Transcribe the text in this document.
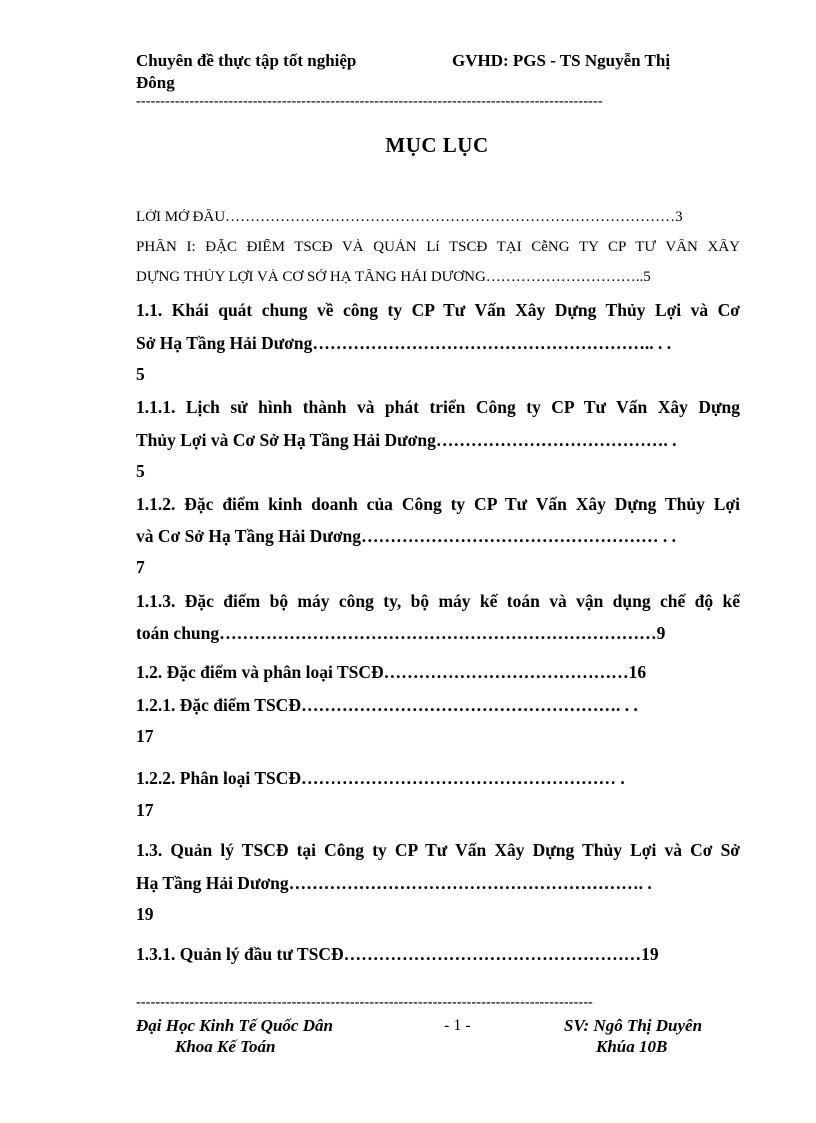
Chuyên đề thực tập tốt nghiệp	GVHD: PGS - TS Nguyễn Thị
Đông
------------------------------------------------------------------------------------------------
MỤC LỤC
LỜI MỞ ĐẦU………………………………………………………………………………3
PHẦN I: ĐẶC ĐIỂM TSCĐ VÀ QUẢN Lí TSCĐ TẠI CễNG TY CP TƯ VẤN XÂY
DỰNG THỦY LỢI VÀ CƠ SỞ HẠ TẦNG HẢI DƯƠNG…………………………..5
1.1. Khái quát chung về công ty CP Tư Vấn Xây Dựng Thủy Lợi và Cơ
Sở Hạ Tầng Hải Dương………………………………………………….. . .
5
1.1.1. Lịch sử hình thành và phát triển Công ty CP Tư Vấn Xây Dựng
Thủy Lợi và Cơ Sở Hạ Tầng Hải Dương…………………………………. .
5
1.1.2. Đặc điểm kinh doanh của Công ty CP Tư Vấn Xây Dựng Thủy Lợi
và Cơ Sở Hạ Tầng Hải Dương…………………………………………… . .
7
1.1.3. Đặc điểm bộ máy công ty, bộ máy kế toán và vận dụng chế độ kế
toán chung…………………………………………………………………9
1.2. Đặc điểm và phân loại TSCĐ……………………………………16
1.2.1. Đặc điểm TSCĐ………………………………………………. . .
17
1.2.2. Phân loại TSCĐ……………………………………………… .
17
1.3. Quản lý TSCĐ tại Công ty CP Tư Vấn Xây Dựng Thủy Lợi và Cơ Sở
Hạ Tầng Hải Dương……………………………………………………. .
19
1.3.1. Quản lý đầu tư TSCĐ……………………………………………19
----------------------------------------------------------------------------------------------
Đại Học Kinh Tế Quốc Dân
Khoa Kế Toán
- 1 -	SV: Ngô Thị Duyên
Khúa 10B
